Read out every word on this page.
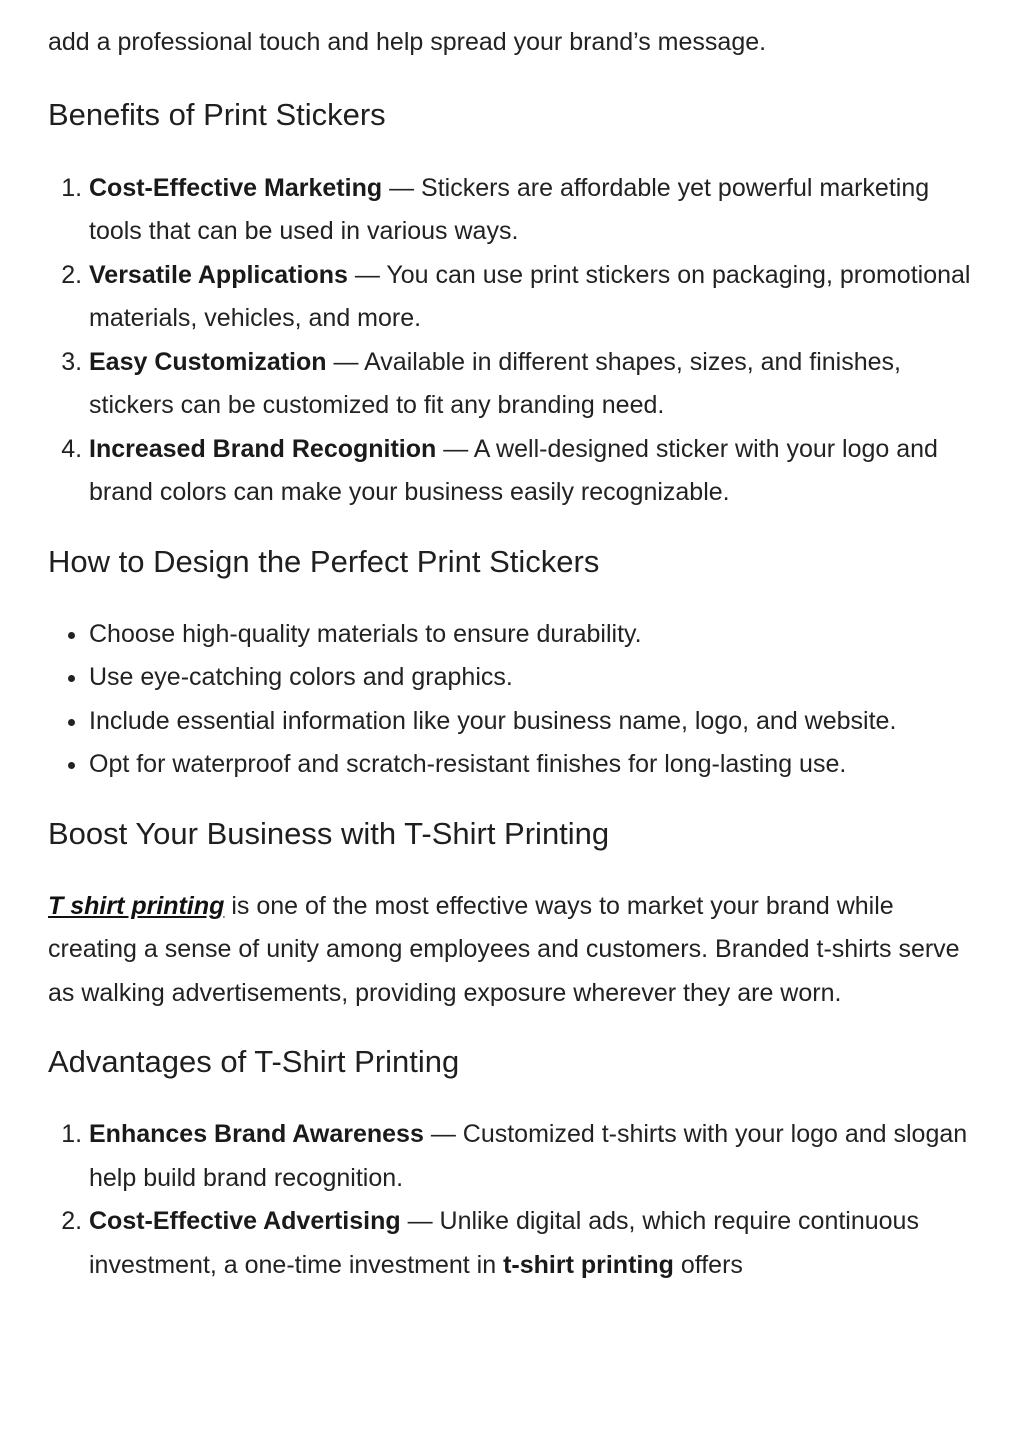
add a professional touch and help spread your brand’s message.

Benefits of Print Stickers
1. Cost-Effective Marketing — Stickers are affordable yet powerful marketing tools that can be used in various ways.
2. Versatile Applications — You can use print stickers on packaging, promotional materials, vehicles, and more.
3. Easy Customization — Available in different shapes, sizes, and finishes, stickers can be customized to fit any branding need.
4. Increased Brand Recognition — A well-designed sticker with your logo and brand colors can make your business easily recognizable.
How to Design the Perfect Print Stickers
• Choose high-quality materials to ensure durability.
• Use eye-catching colors and graphics.
• Include essential information like your business name, logo, and website.
• Opt for waterproof and scratch-resistant finishes for long-lasting use.
Boost Your Business with T-Shirt Printing

T shirt printing is one of the most effective ways to market your brand while creating a sense of unity among employees and customers. Branded t-shirts serve as walking advertisements, providing exposure wherever they are worn.

Advantages of T-Shirt Printing
1. Enhances Brand Awareness — Customized t-shirts with your logo and slogan help build brand recognition.
2. Cost-Effective Advertising — Unlike digital ads, which require continuous investment, a one-time investment in t-shirt printing offers
